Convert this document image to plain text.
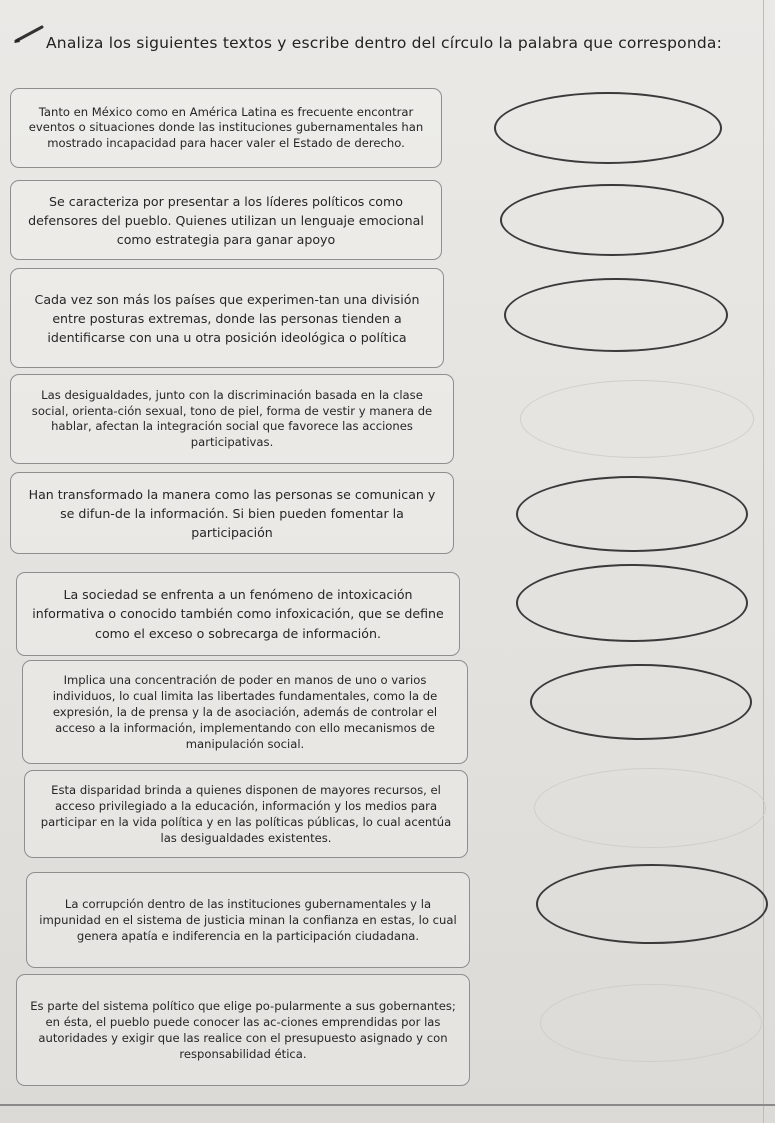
Analiza los siguientes textos y escribe dentro del círculo la palabra que corresponda:
Tanto en México como en América Latina es frecuente encontrar eventos o situaciones donde las instituciones gubernamentales han mostrado incapacidad para hacer valer el Estado de derecho.
Se caracteriza por presentar a los líderes políticos como defensores del pueblo. Quienes utilizan un lenguaje emocional como estrategia para ganar apoyo
Cada vez son más los países que experimen-tan una división entre posturas extremas, donde las personas tienden a identificarse con una u otra posición ideológica o política
Las desigualdades, junto con la discriminación basada en la clase social, orienta-ción sexual, tono de piel, forma de vestir y manera de hablar, afectan la integración social que favorece las acciones participativas.
Han transformado la manera como las personas se comunican y se difun-de la información. Si bien pueden fomentar la participación
La sociedad se enfrenta a un fenómeno de intoxicación informativa o conocido también como infoxicación, que se define como el exceso o sobrecarga de información.
Implica una concentración de poder en manos de uno o varios individuos, lo cual limita las libertades fundamentales, como la de expresión, la de prensa y la de asociación, además de controlar el acceso a la información, implementando con ello mecanismos de manipulación social.
Esta disparidad brinda a quienes disponen de mayores recursos, el acceso privilegiado a la educación, información y los medios para participar en la vida política y en las políticas públicas, lo cual acentúa las desigualdades existentes.
La corrupción dentro de las instituciones gubernamentales y la impunidad en el sistema de justicia minan la confianza en estas, lo cual genera apatía e indiferencia en la participación ciudadana.
Es parte del sistema político que elige po-pularmente a sus gobernantes; en ésta, el pueblo puede conocer las ac-ciones emprendidas por las autoridades y exigir que las realice con el presupuesto asignado y con responsabilidad ética.
